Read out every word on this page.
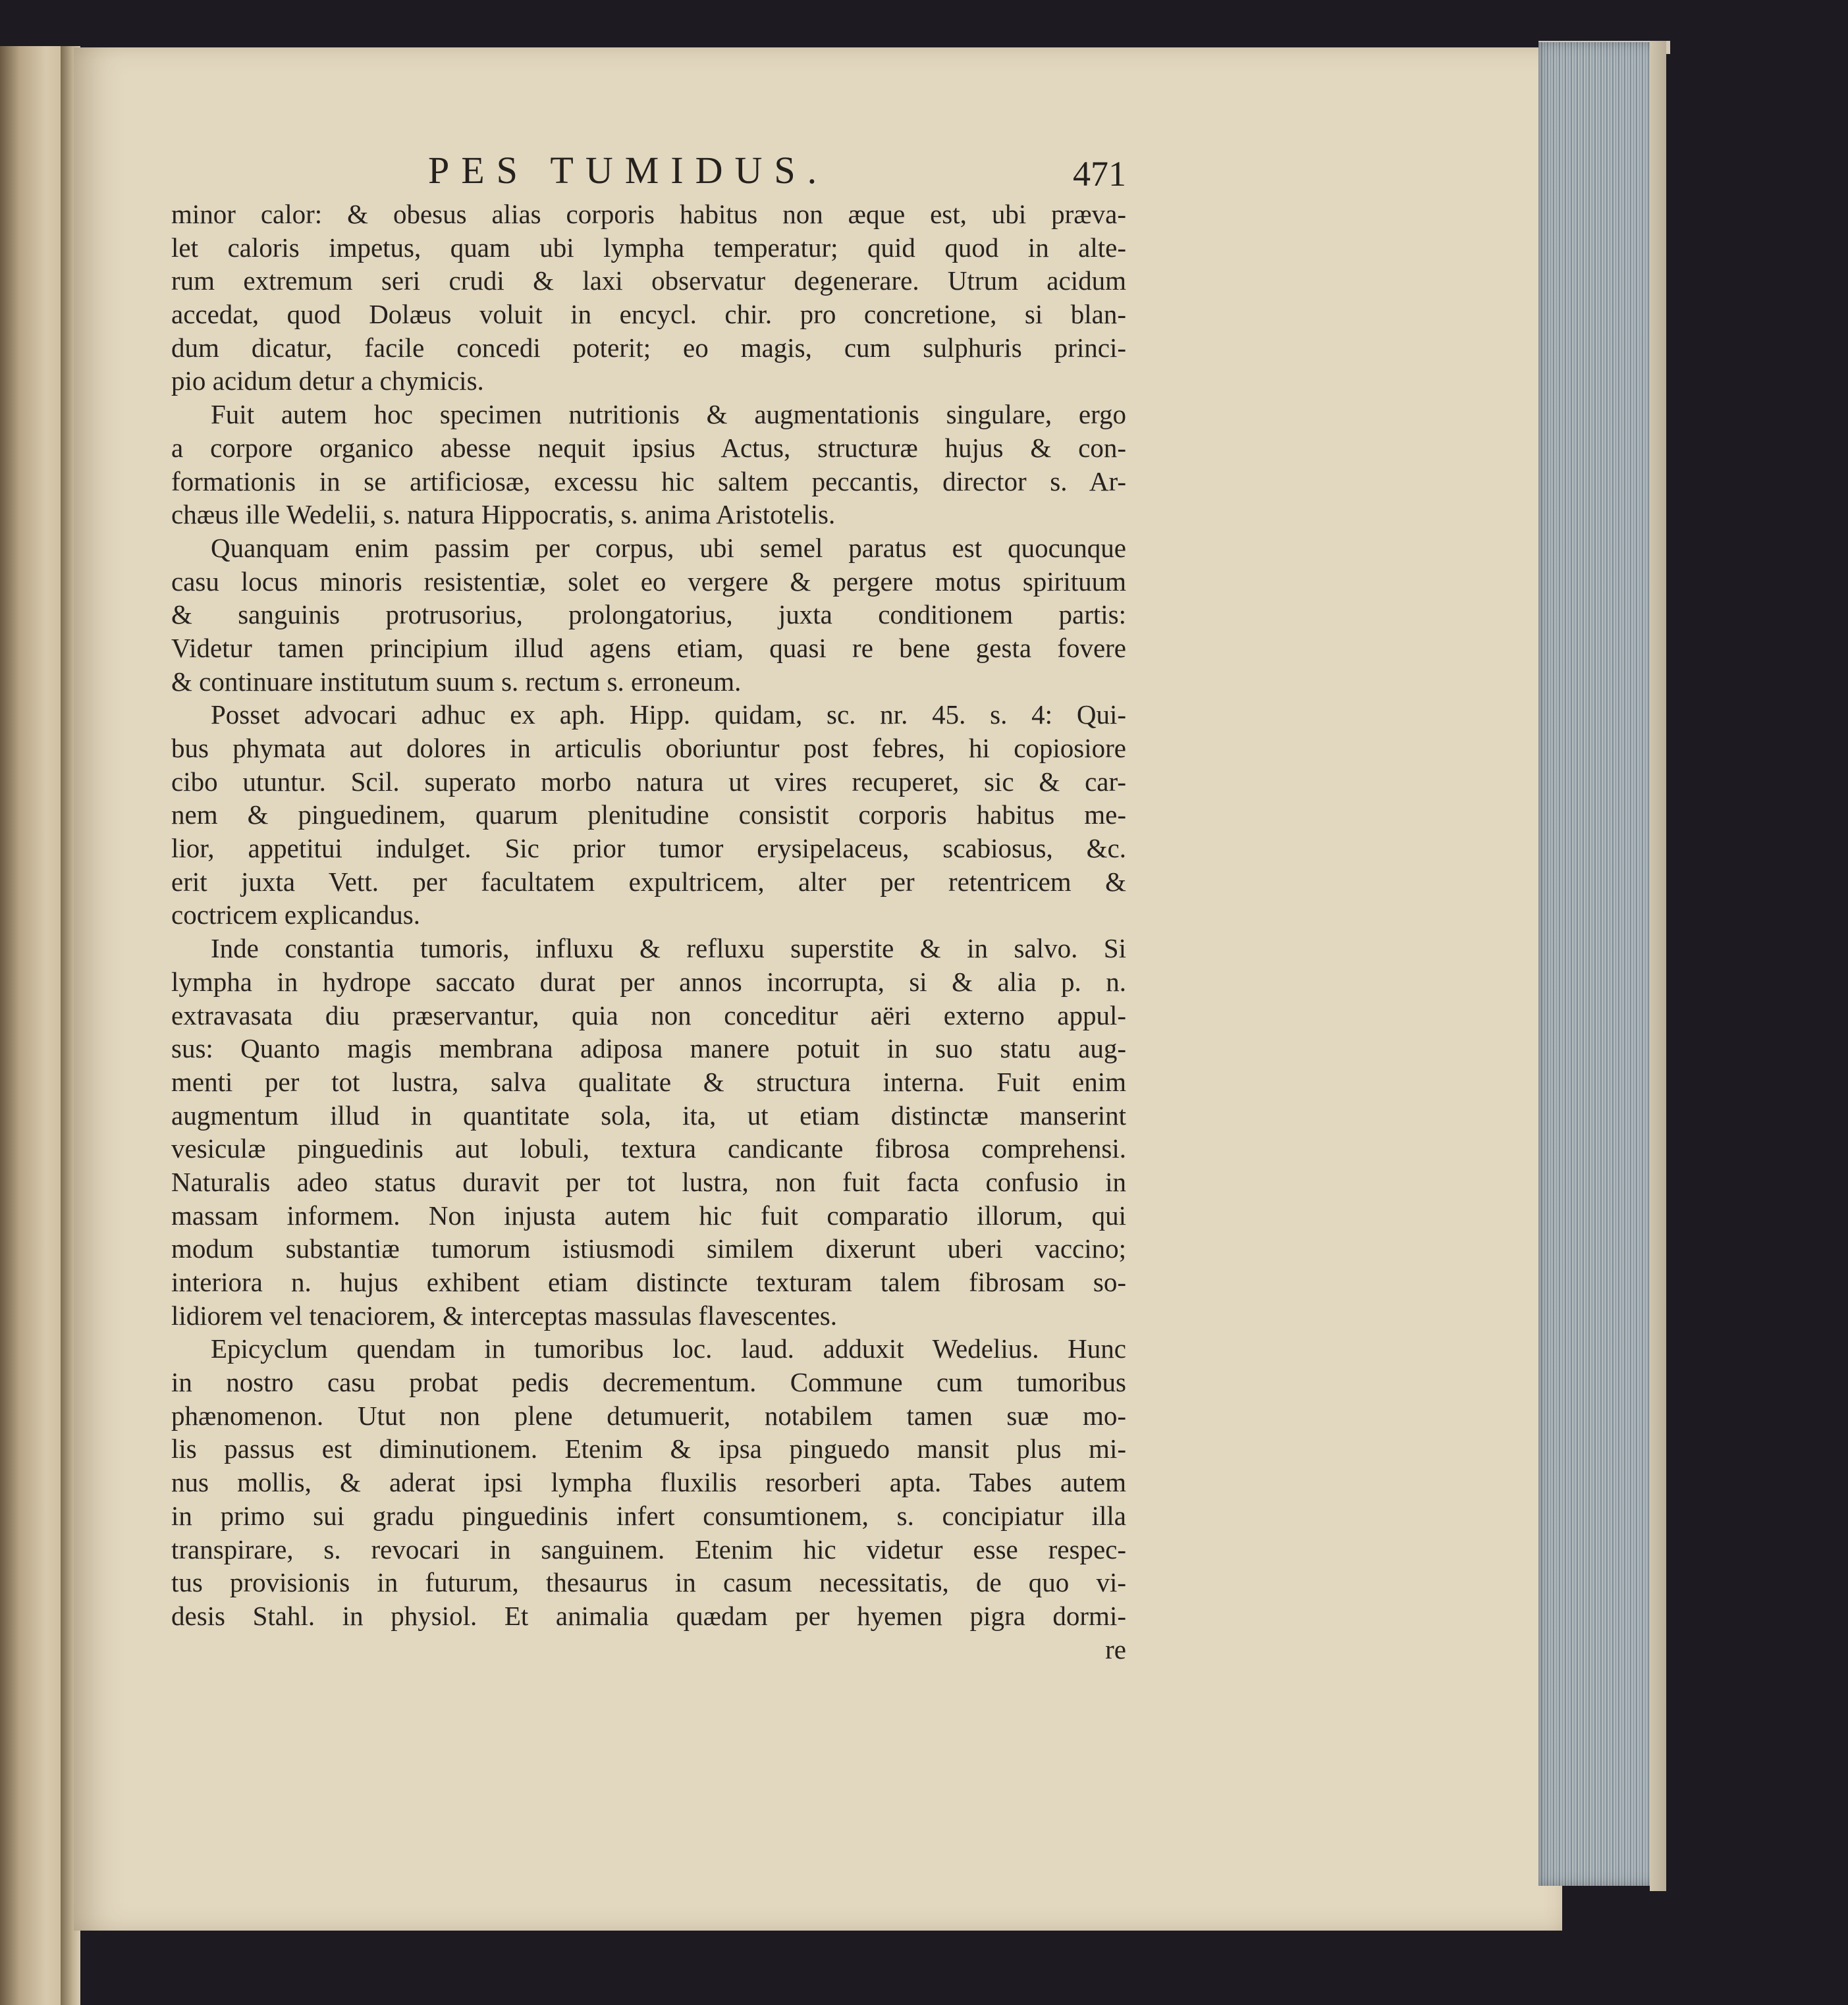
PES TUMIDUS.	471
minor calor: & obesus alias corporis habitus non æque est, ubi præva-
let caloris impetus, quam ubi lympha temperatur; quid quod in alte-
rum extremum seri crudi & laxi observatur degenerare. Utrum acidum
accedat, quod Dolæus voluit in encycl. chir. pro concretione, si blan-
dum dicatur, facile concedi poterit; eo magis, cum sulphuris princi-
pio acidum detur a chymicis.
Fuit autem hoc specimen nutritionis & augmentationis singulare, ergo
a corpore organico abesse nequit ipsius Actus, structuræ hujus & con-
formationis in se artificiosæ, excessu hic saltem peccantis, director s. Ar-
chæus ille Wedelii, s. natura Hippocratis, s. anima Aristotelis.
Quanquam enim passim per corpus, ubi semel paratus est quocunque
casu locus minoris resistentiæ, solet eo vergere & pergere motus spirituum
& sanguinis protrusorius, prolongatorius, juxta conditionem partis:
Videtur tamen principium illud agens etiam, quasi re bene gesta fovere
& continuare institutum suum s. rectum s. erroneum.
Posset advocari adhuc ex aph. Hipp. quidam, sc. nr. 45. s. 4: Qui-
bus phymata aut dolores in articulis oboriuntur post febres, hi copiosiore
cibo utuntur. Scil. superato morbo natura ut vires recuperet, sic & car-
nem & pinguedinem, quarum plenitudine consistit corporis habitus me-
lior, appetitui indulget. Sic prior tumor erysipelaceus, scabiosus, &c.
erit juxta Vett. per facultatem expultricem, alter per retentricem &
coctricem explicandus.
Inde constantia tumoris, influxu & refluxu superstite & in salvo. Si
lympha in hydrope saccato durat per annos incorrupta, si & alia p. n.
extravasata diu præservantur, quia non conceditur aëri externo appul-
sus: Quanto magis membrana adiposa manere potuit in suo statu aug-
menti per tot lustra, salva qualitate & structura interna. Fuit enim
augmentum illud in quantitate sola, ita, ut etiam distinctæ manserint
vesiculæ pinguedinis aut lobuli, textura candicante fibrosa comprehensi.
Naturalis adeo status duravit per tot lustra, non fuit facta confusio in
massam informem. Non injusta autem hic fuit comparatio illorum, qui
modum substantiæ tumorum istiusmodi similem dixerunt uberi vaccino;
interiora n. hujus exhibent etiam distincte texturam talem fibrosam so-
lidiorem vel tenaciorem, & interceptas massulas flavescentes.
Epicyclum quendam in tumoribus loc. laud. adduxit Wedelius. Hunc
in nostro casu probat pedis decrementum. Commune cum tumoribus
phænomenon. Utut non plene detumuerit, notabilem tamen suæ mo-
lis passus est diminutionem. Etenim & ipsa pinguedo mansit plus mi-
nus mollis, & aderat ipsi lympha fluxilis resorberi apta. Tabes autem
in primo sui gradu pinguedinis infert consumtionem, s. concipiatur illa
transpirare, s. revocari in sanguinem. Etenim hic videtur esse respec-
tus provisionis in futurum, thesaurus in casum necessitatis, de quo vi-
desis Stahl. in physiol. Et animalia quædam per hyemen pigra dormi-
re
